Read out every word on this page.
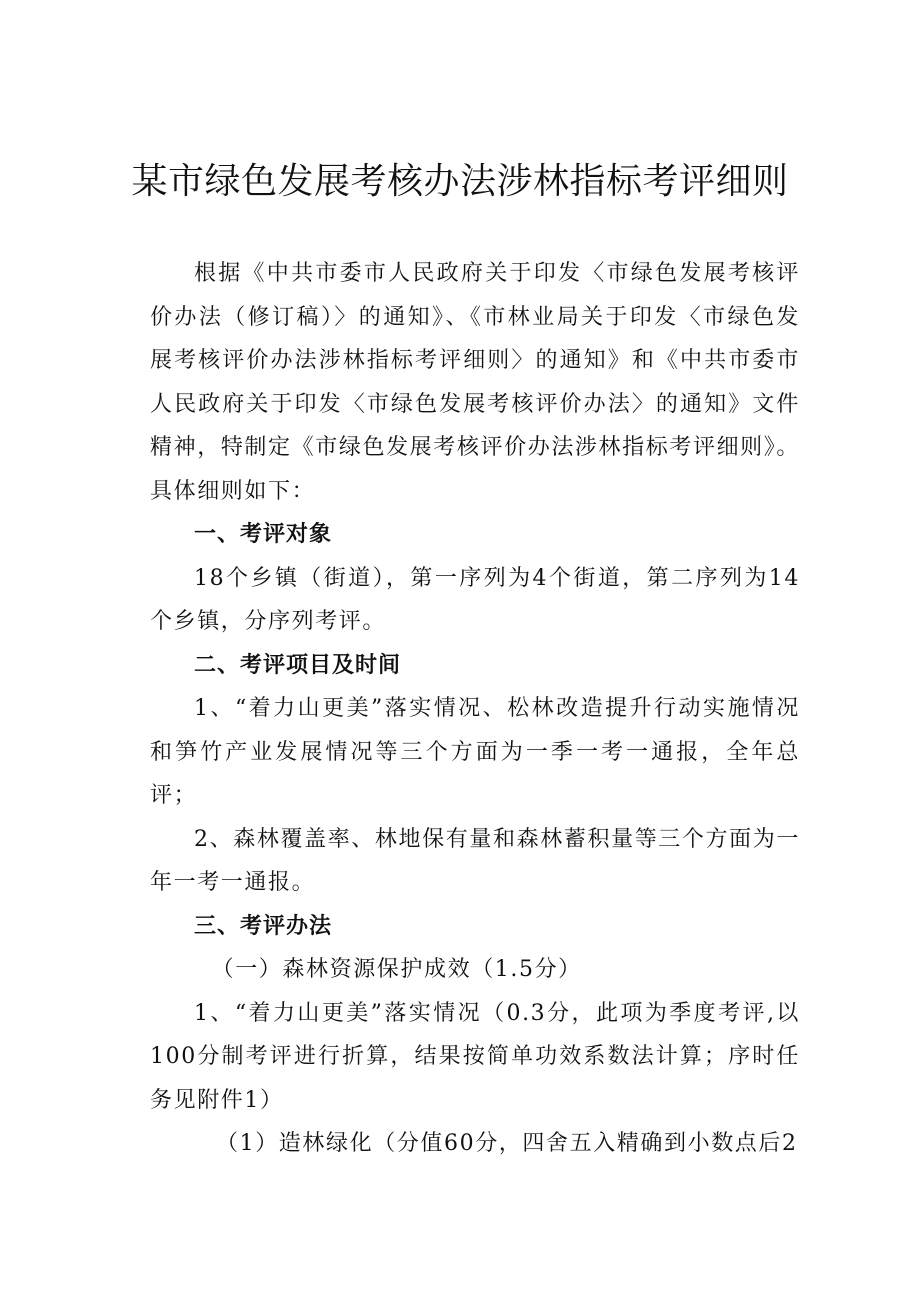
某市绿色发展考核办法涉林指标考评细则

根据《中共市委市人民政府关于印发〈市绿色发展考核评价办法（修订稿）〉的通知》、《市林业局关于印发〈市绿色发展考核评价办法涉林指标考评细则〉的通知》和《中共市委市人民政府关于印发〈市绿色发展考核评价办法〉的通知》文件精神，特制定《市绿色发展考核评价办法涉林指标考评细则》。具体细则如下：

一、考评对象

18个乡镇（街道），第一序列为4个街道，第二序列为14个乡镇，分序列考评。

二、考评项目及时间

1、“着力山更美”落实情况、松林改造提升行动实施情况和笋竹产业发展情况等三个方面为一季一考一通报，全年总评；

2、森林覆盖率、林地保有量和森林蓄积量等三个方面为一年一考一通报。

三、考评办法

（一）森林资源保护成效（1.5分）

1、“着力山更美”落实情况（0.3分，此项为季度考评,以100分制考评进行折算，结果按简单功效系数法计算；序时任务见附件1）

（1）造林绿化（分值60分，四舍五入精确到小数点后2
